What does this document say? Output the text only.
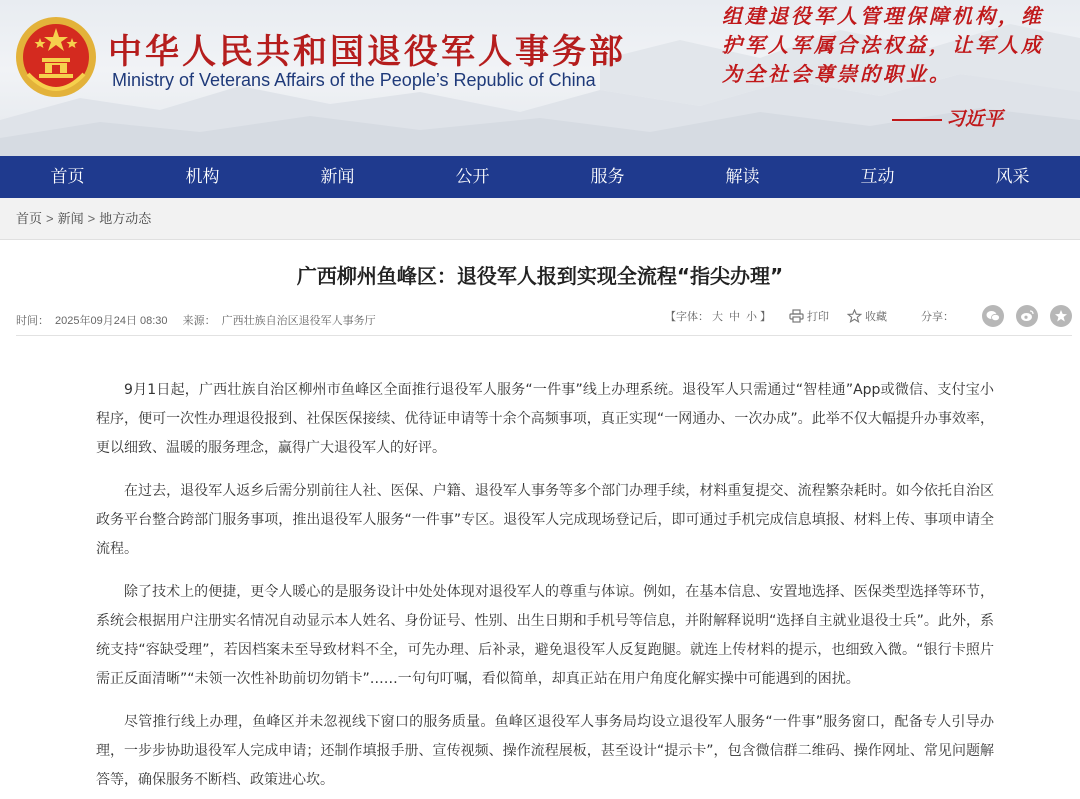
中华人民共和国退役军人事务部
Ministry of Veterans Affairs of the People’s Republic of China
组建退役军人管理保障机构，维护军人军属合法权益，让军人成为全社会尊崇的职业。
习近平
首页	机构	新闻	公开	服务	解读	互动	风采
首页 > 新闻 > 地方动态
广西柳州鱼峰区：退役军人报到实现全流程“指尖办理”
时间： 2025年09月24日 08:30 来源： 广西壮族自治区退役军人事务厅	【字体： 大 中 小 】	打印	收藏	分享：

9月1日起，广西壮族自治区柳州市鱼峰区全面推行退役军人服务“一件事”线上办理系统。退役军人只需通过“智桂通”App或微信、支付宝小程序，便可一次性办理退役报到、社保医保接续、优待证申请等十余个高频事项，真正实现“一网通办、一次办成”。此举不仅大幅提升办事效率，更以细致、温暖的服务理念，赢得广大退役军人的好评。

在过去，退役军人返乡后需分别前往人社、医保、户籍、退役军人事务等多个部门办理手续，材料重复提交、流程繁杂耗时。如今依托自治区政务平台整合跨部门服务事项，推出退役军人服务“一件事”专区。退役军人完成现场登记后，即可通过手机完成信息填报、材料上传、事项申请全流程。

除了技术上的便捷，更令人暖心的是服务设计中处处体现对退役军人的尊重与体谅。例如，在基本信息、安置地选择、医保类型选择等环节，系统会根据用户注册实名情况自动显示本人姓名、身份证号、性别、出生日期和手机号等信息，并附解释说明“选择自主就业退役士兵”。此外，系统支持“容缺受理”，若因档案未至导致材料不全，可先办理、后补录，避免退役军人反复跑腿。就连上传材料的提示，也细致入微。“银行卡照片需正反面清晰”“未领一次性补助前切勿销卡”……一句句叮嘱，看似简单，却真正站在用户角度化解实操中可能遇到的困扰。

尽管推行线上办理，鱼峰区并未忽视线下窗口的服务质量。鱼峰区退役军人事务局均设立退役军人服务“一件事”服务窗口，配备专人引导办理，一步步协助退役军人完成申请；还制作填报手册、宣传视频、操作流程展板，甚至设计“提示卡”，包含微信群二维码、操作网址、常见问题解答等，确保服务不断档、政策进心坎。
